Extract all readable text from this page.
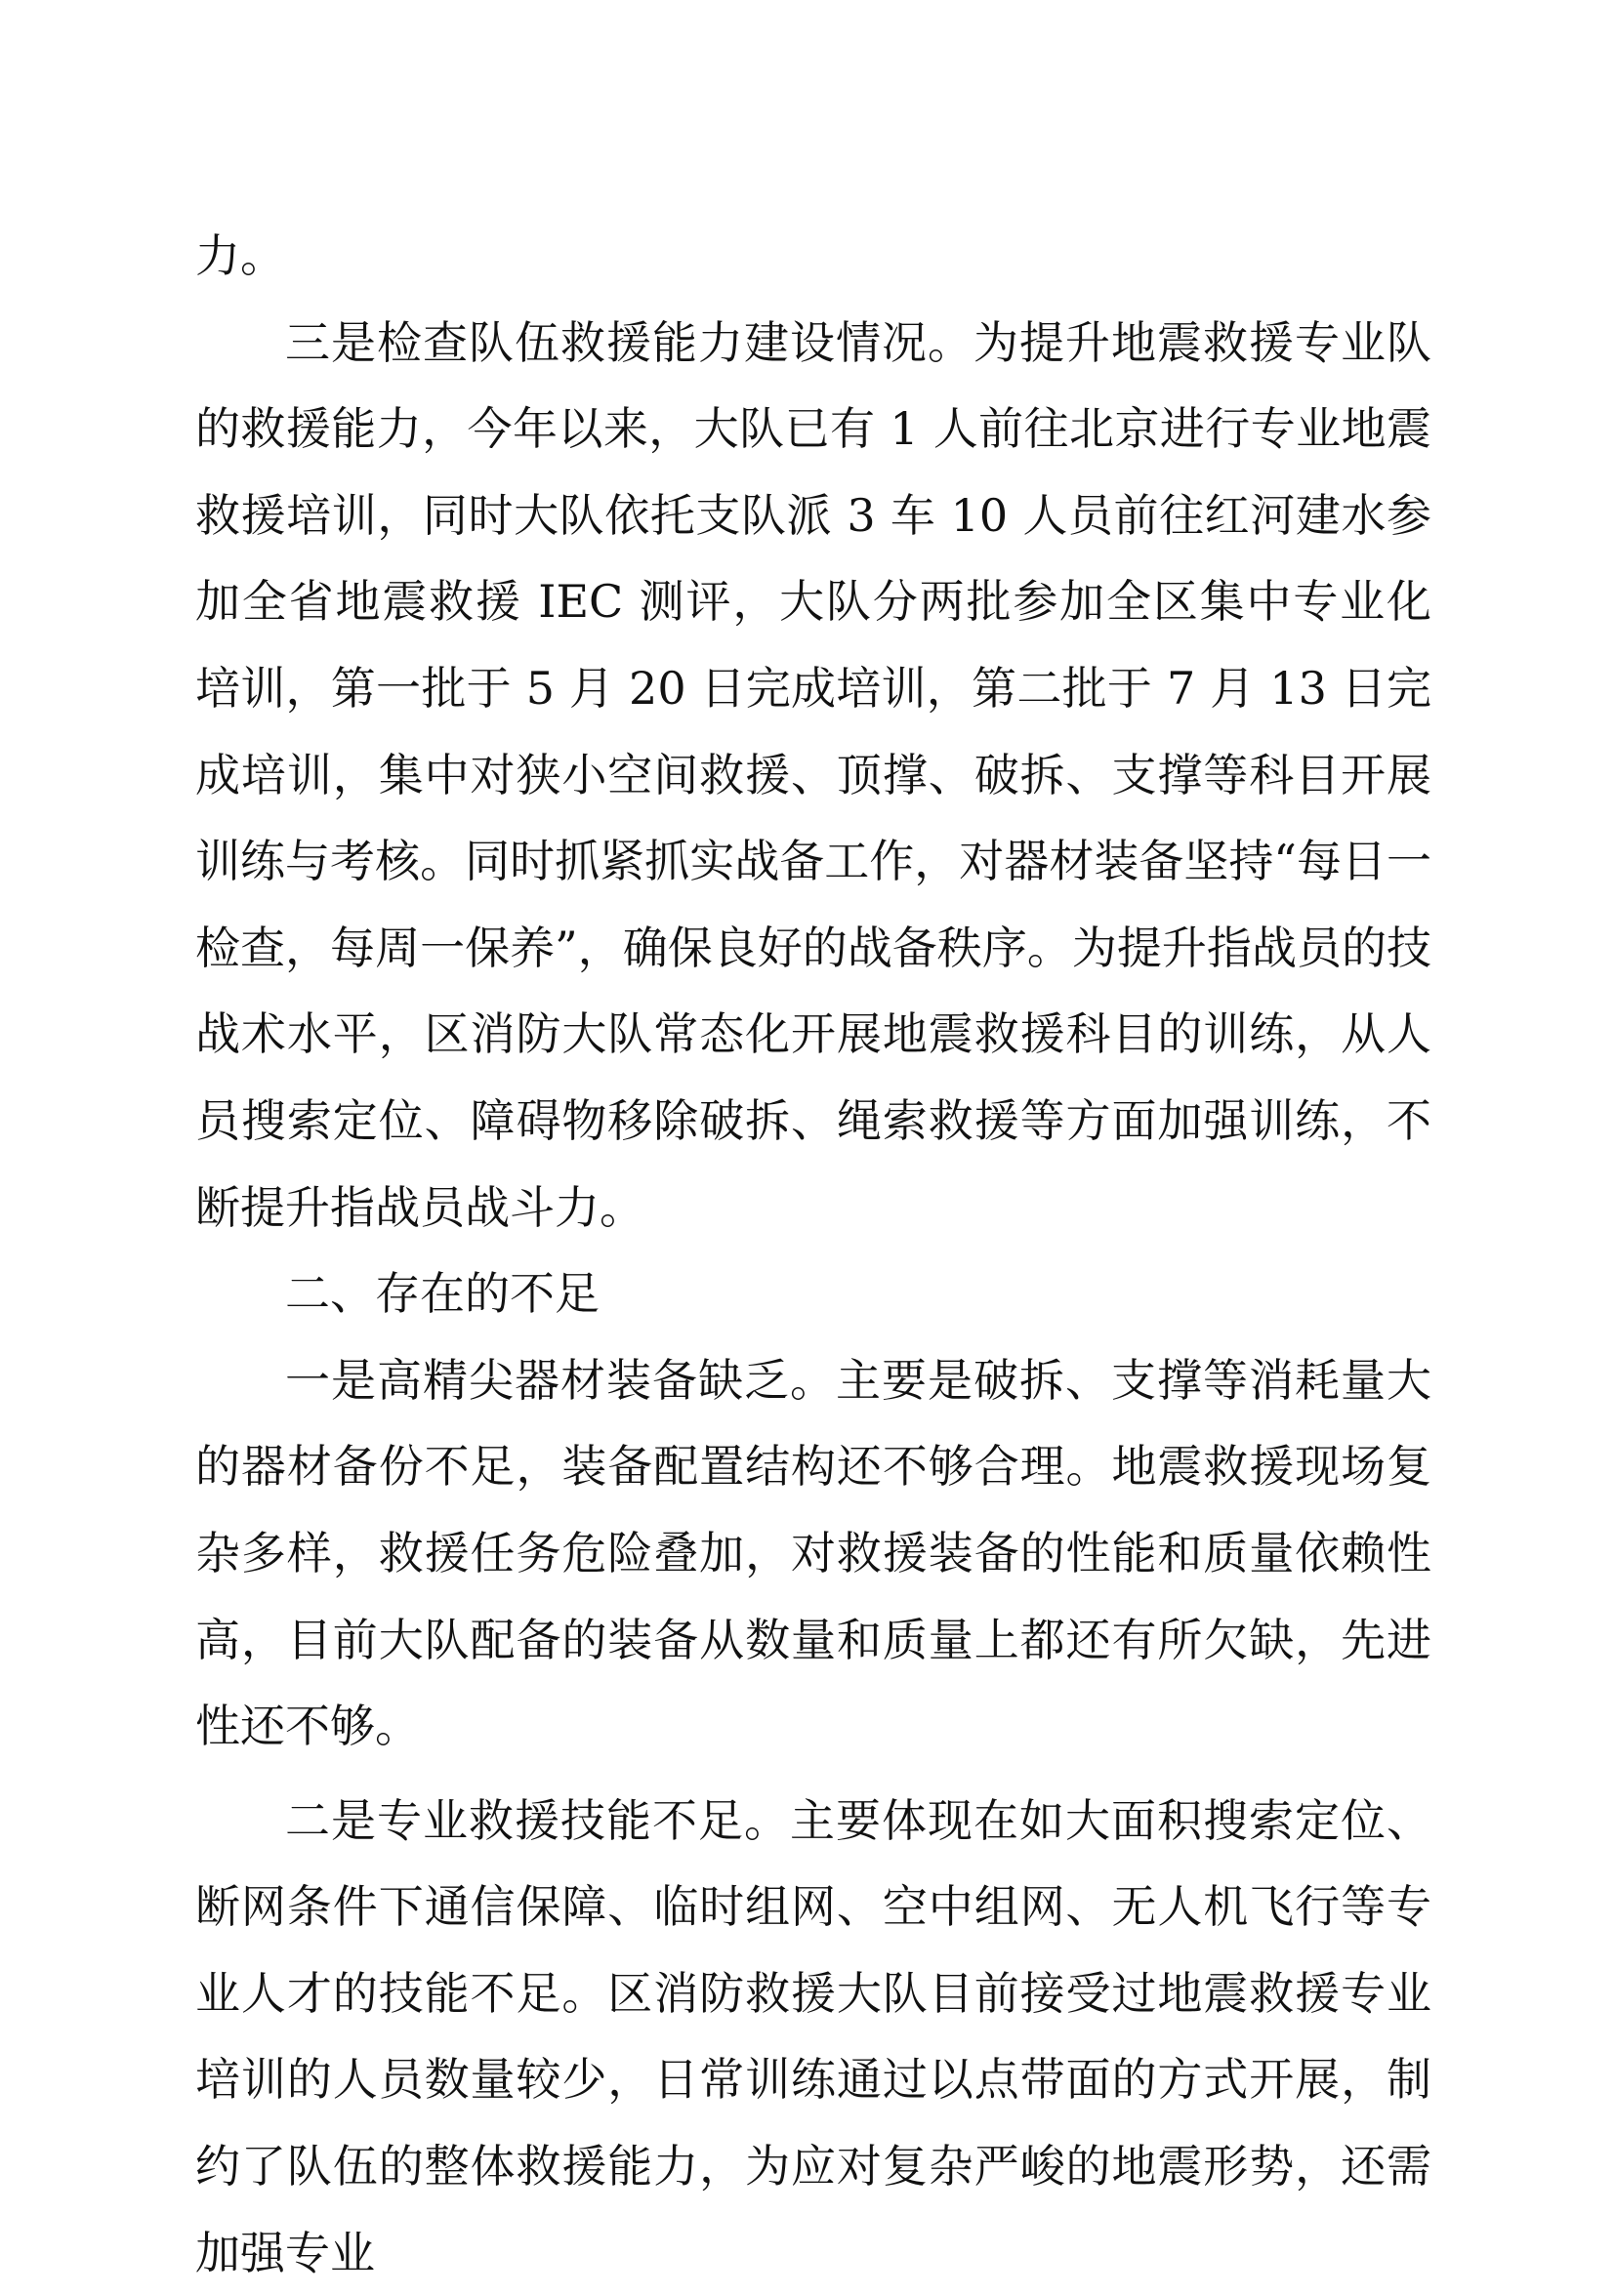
力。

三是检查队伍救援能力建设情况。为提升地震救援专业队的救援能力，今年以来，大队已有 1 人前往北京进行专业地震救援培训，同时大队依托支队派 3 车 10 人员前往红河建水参加全省地震救援 IEC 测评，大队分两批参加全区集中专业化培训，第一批于 5 月 20 日完成培训，第二批于 7 月 13 日完成培训，集中对狭小空间救援、顶撑、破拆、支撑等科目开展训练与考核。同时抓紧抓实战备工作，对器材装备坚持“每日一检查，每周一保养”，确保良好的战备秩序。为提升指战员的技战术水平，区消防大队常态化开展地震救援科目的训练，从人员搜索定位、障碍物移除破拆、绳索救援等方面加强训练，不断提升指战员战斗力。

二、存在的不足

一是高精尖器材装备缺乏。主要是破拆、支撑等消耗量大的器材备份不足，装备配置结构还不够合理。地震救援现场复杂多样，救援任务危险叠加，对救援装备的性能和质量依赖性高，目前大队配备的装备从数量和质量上都还有所欠缺，先进性还不够。

二是专业救援技能不足。主要体现在如大面积搜索定位、断网条件下通信保障、临时组网、空中组网、无人机飞行等专业人才的技能不足。区消防救援大队目前接受过地震救援专业培训的人员数量较少，日常训练通过以点带面的方式开展，制约了队伍的整体救援能力，为应对复杂严峻的地震形势，还需加强专业
